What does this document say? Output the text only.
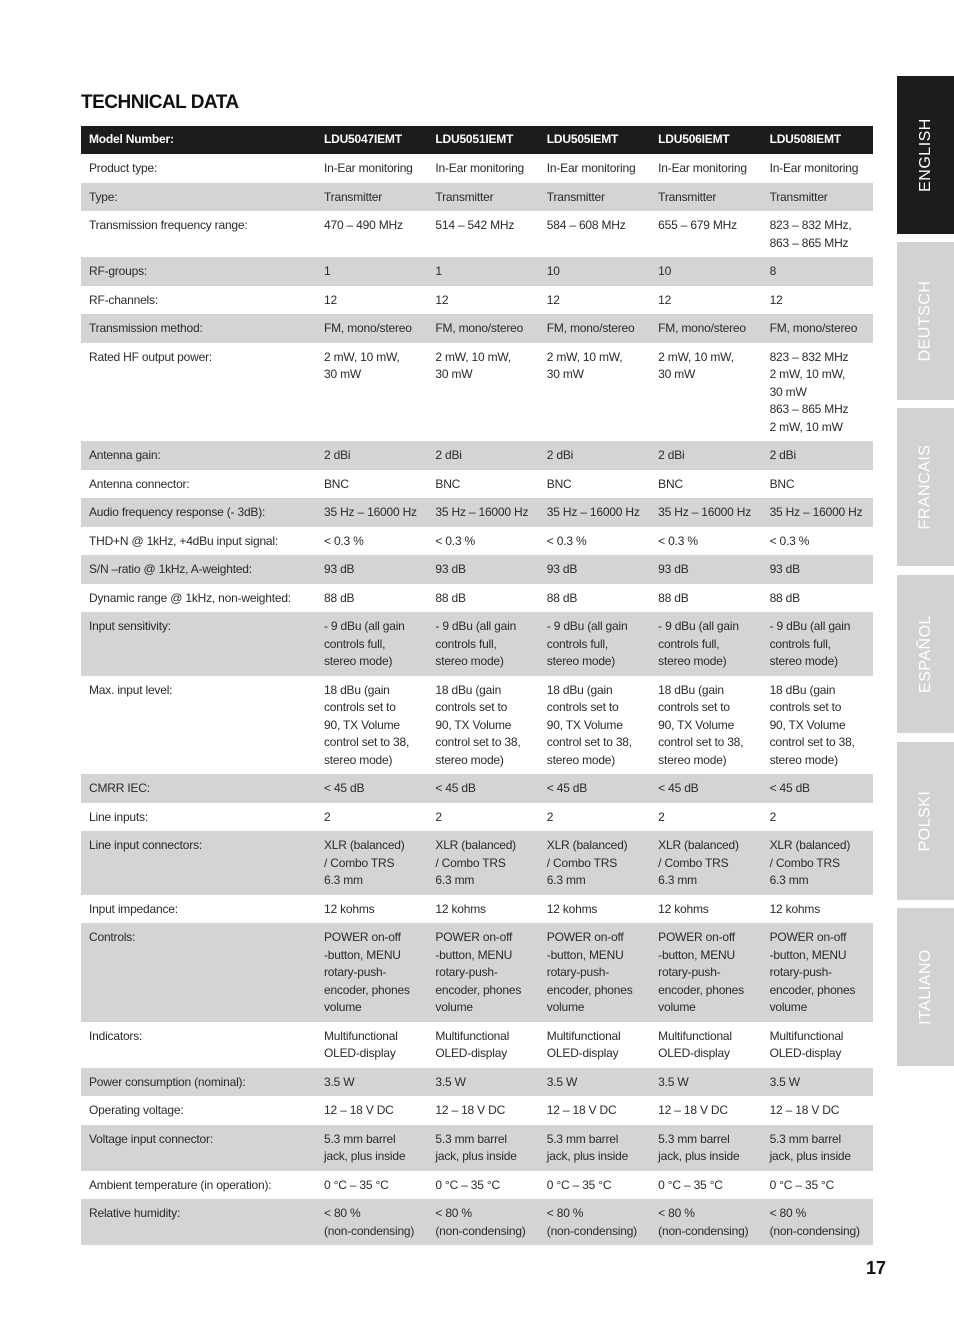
TECHNICAL DATA
Model Number:	LDU5047IEMT	LDU5051IEMT	LDU505IEMT	LDU506IEMT	LDU508IEMT
Product type:	In-Ear monitoring	In-Ear monitoring	In-Ear monitoring	In-Ear monitoring	In-Ear monitoring
Type:	Transmitter	Transmitter	Transmitter	Transmitter	Transmitter
Transmission frequency range:	470 – 490 MHz	514 – 542 MHz	584 – 608 MHz	655 – 679 MHz	823 – 832 MHz,
863 – 865 MHz
RF-groups:	1	1	10	10	8
RF-channels:	12	12	12	12	12
Transmission method:	FM, mono/stereo	FM, mono/stereo	FM, mono/stereo	FM, mono/stereo	FM, mono/stereo
Rated HF output power:	2 mW, 10 mW,
30 mW	2 mW, 10 mW,
30 mW	2 mW, 10 mW,
30 mW	2 mW, 10 mW,
30 mW	823 – 832 MHz
2 mW, 10 mW,
30 mW
863 – 865 MHz
2 mW, 10 mW
Antenna gain:	2 dBi	2 dBi	2 dBi	2 dBi	2 dBi
Antenna connector:	BNC	BNC	BNC	BNC	BNC
Audio frequency response (- 3dB):	35 Hz – 16000 Hz	35 Hz – 16000 Hz	35 Hz – 16000 Hz	35 Hz – 16000 Hz	35 Hz – 16000 Hz
THD+N @ 1kHz, +4dBu input signal:	< 0.3 %	< 0.3 %	< 0.3 %	< 0.3 %	< 0.3 %
S/N –ratio @ 1kHz, A-weighted:	93 dB	93 dB	93 dB	93 dB	93 dB
Dynamic range @ 1kHz, non-weighted:	88 dB	88 dB	88 dB	88 dB	88 dB
Input sensitivity:	- 9 dBu (all gain
controls full,
stereo mode)	- 9 dBu (all gain
controls full,
stereo mode)	- 9 dBu (all gain
controls full,
stereo mode)	- 9 dBu (all gain
controls full,
stereo mode)	- 9 dBu (all gain
controls full,
stereo mode)
Max. input level:	18 dBu (gain
controls set to
90, TX Volume
control set to 38,
stereo mode)	18 dBu (gain
controls set to
90, TX Volume
control set to 38,
stereo mode)	18 dBu (gain
controls set to
90, TX Volume
control set to 38,
stereo mode)	18 dBu (gain
controls set to
90, TX Volume
control set to 38,
stereo mode)	18 dBu (gain
controls set to
90, TX Volume
control set to 38,
stereo mode)
CMRR IEC:	< 45 dB	< 45 dB	< 45 dB	< 45 dB	< 45 dB
Line inputs:	2	2	2	2	2
Line input connectors:	XLR (balanced)
/ Combo TRS
6.3 mm	XLR (balanced)
/ Combo TRS
6.3 mm	XLR (balanced)
/ Combo TRS
6.3 mm	XLR (balanced)
/ Combo TRS
6.3 mm	XLR (balanced)
/ Combo TRS
6.3 mm
Input impedance:	12 kohms	12 kohms	12 kohms	12 kohms	12 kohms
Controls:	POWER on-off
-button, MENU
rotary-push-
encoder, phones
volume	POWER on-off
-button, MENU
rotary-push-
encoder, phones
volume	POWER on-off
-button, MENU
rotary-push-
encoder, phones
volume	POWER on-off
-button, MENU
rotary-push-
encoder, phones
volume	POWER on-off
-button, MENU
rotary-push-
encoder, phones
volume
Indicators:	Multifunctional
OLED-display	Multifunctional
OLED-display	Multifunctional
OLED-display	Multifunctional
OLED-display	Multifunctional
OLED-display
Power consumption (nominal):	3.5 W	3.5 W	3.5 W	3.5 W	3.5 W
Operating voltage:	12 – 18 V DC	12 – 18 V DC	12 – 18 V DC	12 – 18 V DC	12 – 18 V DC
Voltage input connector:	5.3 mm barrel
jack, plus inside	5.3 mm barrel
jack, plus inside	5.3 mm barrel
jack, plus inside	5.3 mm barrel
jack, plus inside	5.3 mm barrel
jack, plus inside
Ambient temperature (in operation):	0 °C – 35 °C	0 °C – 35 °C	0 °C – 35 °C	0 °C – 35 °C	0 °C – 35 °C
Relative humidity:	< 80 %
(non-condensing)	< 80 %
(non-condensing)	< 80 %
(non-condensing)	< 80 %
(non-condensing)	< 80 %
(non-condensing)
ENGLISH
DEUTSCH
FRANCAIS
ESPAÑOL
POLSKI
ITALIANO
17
